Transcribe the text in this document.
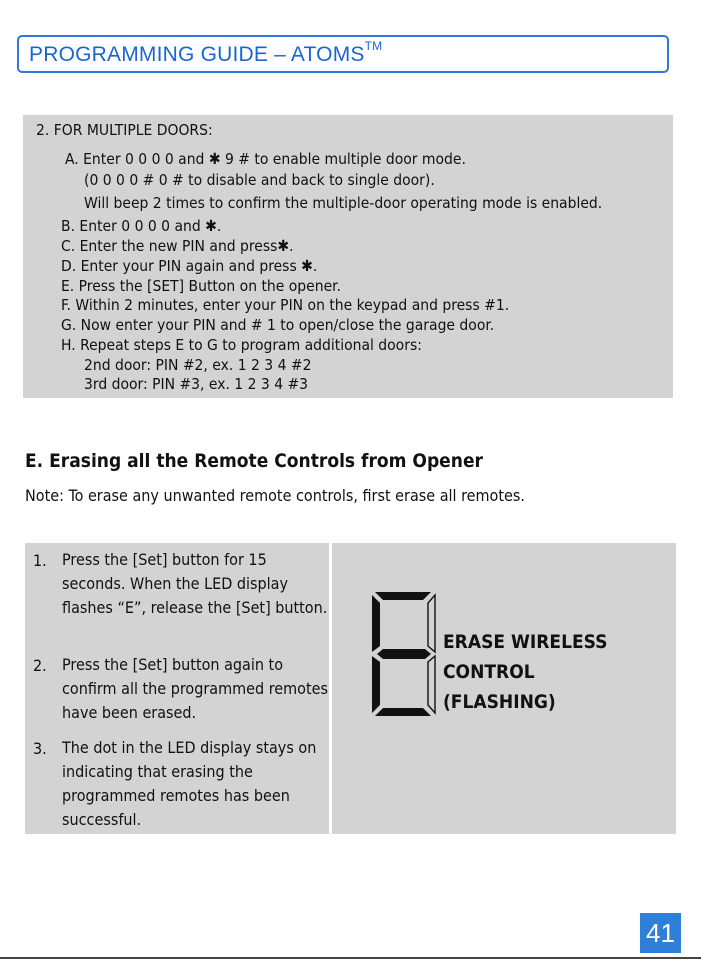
PROGRAMMING GUIDE – ATOMS™
2. FOR MULTIPLE DOORS:
A. Enter 0 0 0 0 and ✱ 9 # to enable multiple door mode.
(0 0 0 0 # 0 # to disable and back to single door).
Will beep 2 times to confirm the multiple-door operating mode is enabled.
B. Enter 0 0 0 0 and ✱.
C. Enter the new PIN and press✱.
D. Enter your PIN again and press ✱.
E. Press the [SET] Button on the opener.
F. Within 2 minutes, enter your PIN on the keypad and press #1.
G. Now enter your PIN and # 1 to open/close the garage door.
H. Repeat steps E to G to program additional doors:
2nd door: PIN #2, ex. 1 2 3 4 #2
3rd door: PIN #3, ex. 1 2 3 4 #3
E. Erasing all the Remote Controls from Opener
Note: To erase any unwanted remote controls, first erase all remotes.
1. Press the [Set] button for 15 seconds. When the LED display flashes “E”, release the [Set] button.
2. Press the [Set] button again to confirm all the programmed remotes have been erased.
3. The dot in the LED display stays on indicating that erasing the programmed remotes has been successful.
ERASE WIRELESS
CONTROL
(FLASHING)
41
